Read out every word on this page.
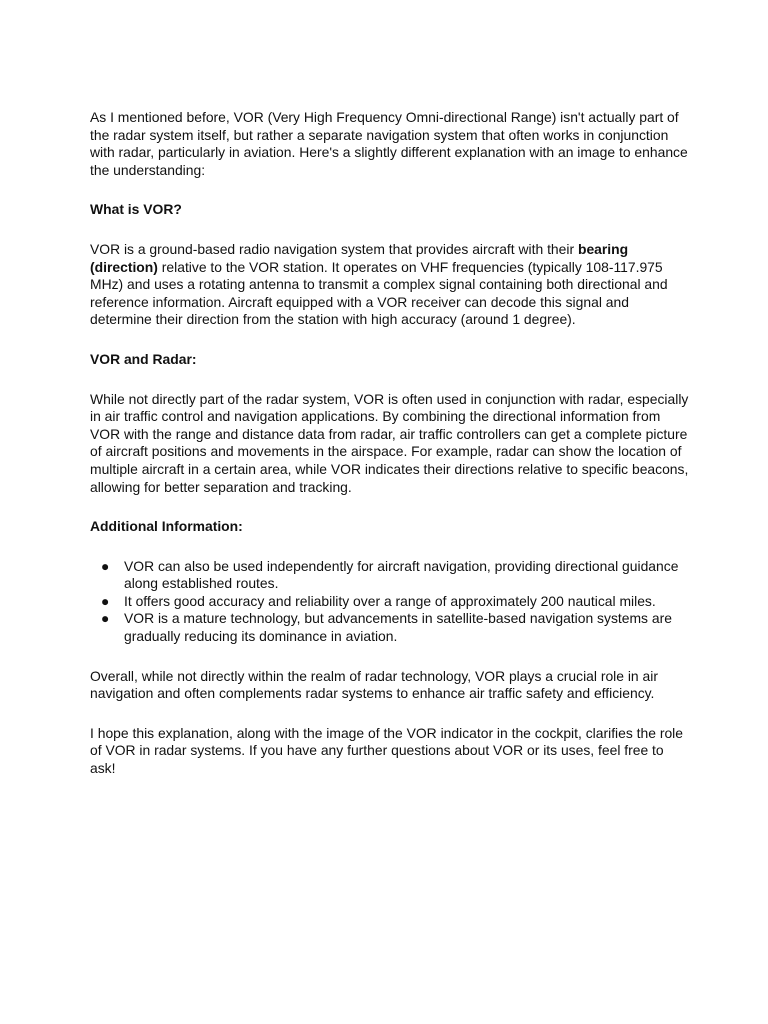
As I mentioned before, VOR (Very High Frequency Omni-directional Range) isn't actually part of the radar system itself, but rather a separate navigation system that often works in conjunction with radar, particularly in aviation. Here's a slightly different explanation with an image to enhance the understanding:

What is VOR?

VOR is a ground-based radio navigation system that provides aircraft with their bearing (direction) relative to the VOR station. It operates on VHF frequencies (typically 108-117.975 MHz) and uses a rotating antenna to transmit a complex signal containing both directional and reference information. Aircraft equipped with a VOR receiver can decode this signal and determine their direction from the station with high accuracy (around 1 degree).

VOR and Radar:

While not directly part of the radar system, VOR is often used in conjunction with radar, especially in air traffic control and navigation applications. By combining the directional information from VOR with the range and distance data from radar, air traffic controllers can get a complete picture of aircraft positions and movements in the airspace. For example, radar can show the location of multiple aircraft in a certain area, while VOR indicates their directions relative to specific beacons, allowing for better separation and tracking.

Additional Information:
● VOR can also be used independently for aircraft navigation, providing directional guidance along established routes.
● It offers good accuracy and reliability over a range of approximately 200 nautical miles.
● VOR is a mature technology, but advancements in satellite-based navigation systems are gradually reducing its dominance in aviation.

Overall, while not directly within the realm of radar technology, VOR plays a crucial role in air navigation and often complements radar systems to enhance air traffic safety and efficiency.

I hope this explanation, along with the image of the VOR indicator in the cockpit, clarifies the role of VOR in radar systems. If you have any further questions about VOR or its uses, feel free to ask!
